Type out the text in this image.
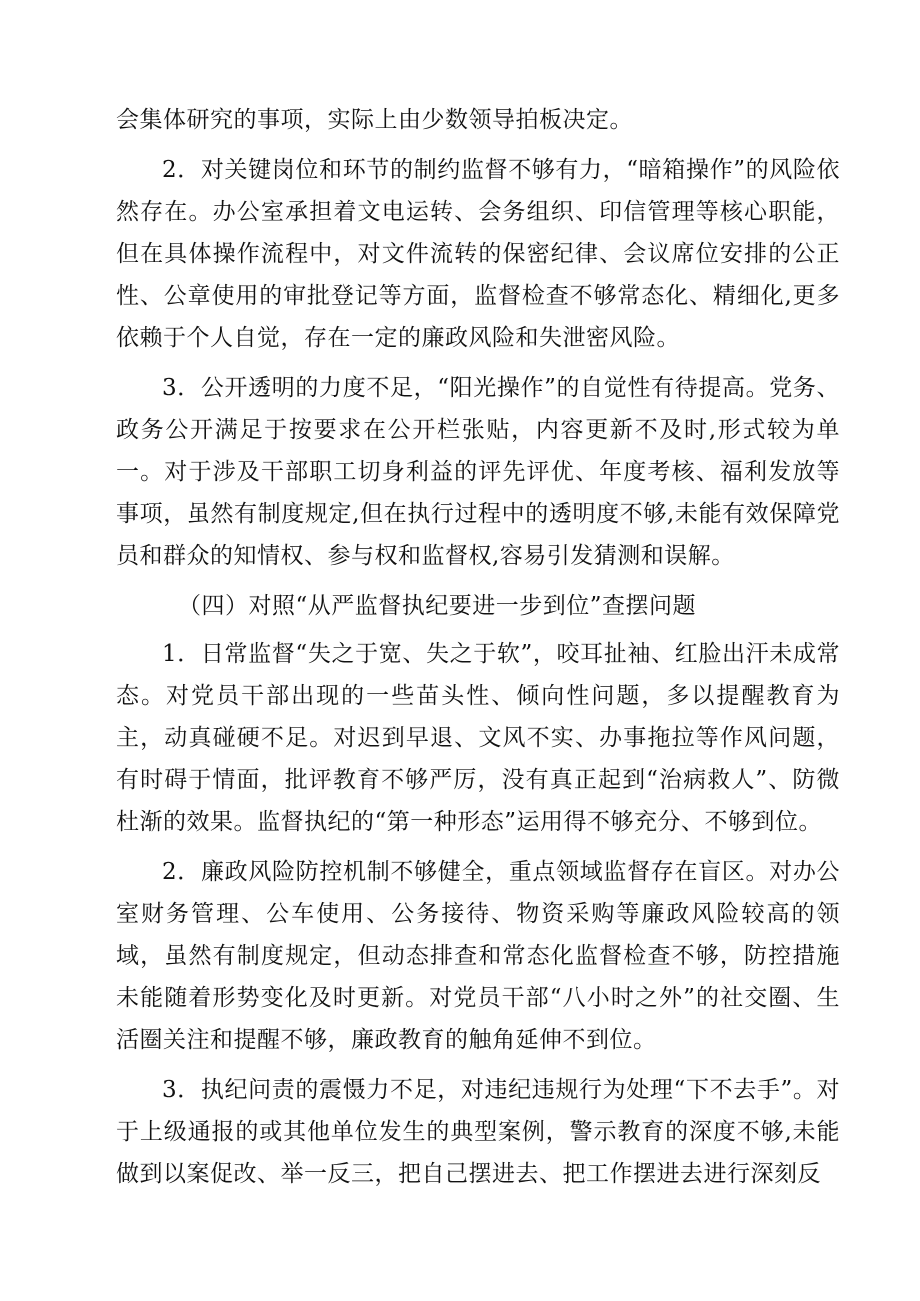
会集体研究的事项，实际上由少数领导拍板决定。

2．对关键岗位和环节的制约监督不够有力，“暗箱操作”的风险依然存在。办公室承担着文电运转、会务组织、印信管理等核心职能，但在具体操作流程中，对文件流转的保密纪律、会议席位安排的公正性、公章使用的审批登记等方面，监督检查不够常态化、精细化,更多依赖于个人自觉，存在一定的廉政风险和失泄密风险。

3．公开透明的力度不足，“阳光操作”的自觉性有待提高。党务、政务公开满足于按要求在公开栏张贴，内容更新不及时,形式较为单一。对于涉及干部职工切身利益的评先评优、年度考核、福利发放等事项，虽然有制度规定,但在执行过程中的透明度不够,未能有效保障党员和群众的知情权、参与权和监督权,容易引发猜测和误解。

（四）对照“从严监督执纪要进一步到位”查摆问题

1．日常监督“失之于宽、失之于软”，咬耳扯袖、红脸出汗未成常态。对党员干部出现的一些苗头性、倾向性问题，多以提醒教育为主，动真碰硬不足。对迟到早退、文风不实、办事拖拉等作风问题，有时碍于情面，批评教育不够严厉，没有真正起到“治病救人”、防微杜渐的效果。监督执纪的“第一种形态”运用得不够充分、不够到位。

2．廉政风险防控机制不够健全，重点领域监督存在盲区。对办公室财务管理、公车使用、公务接待、物资采购等廉政风险较高的领域，虽然有制度规定，但动态排查和常态化监督检查不够，防控措施未能随着形势变化及时更新。对党员干部“八小时之外”的社交圈、生活圈关注和提醒不够，廉政教育的触角延伸不到位。

3．执纪问责的震慑力不足，对违纪违规行为处理“下不去手”。对于上级通报的或其他单位发生的典型案例，警示教育的深度不够,未能做到以案促改、举一反三，把自己摆进去、把工作摆进去进行深刻反
